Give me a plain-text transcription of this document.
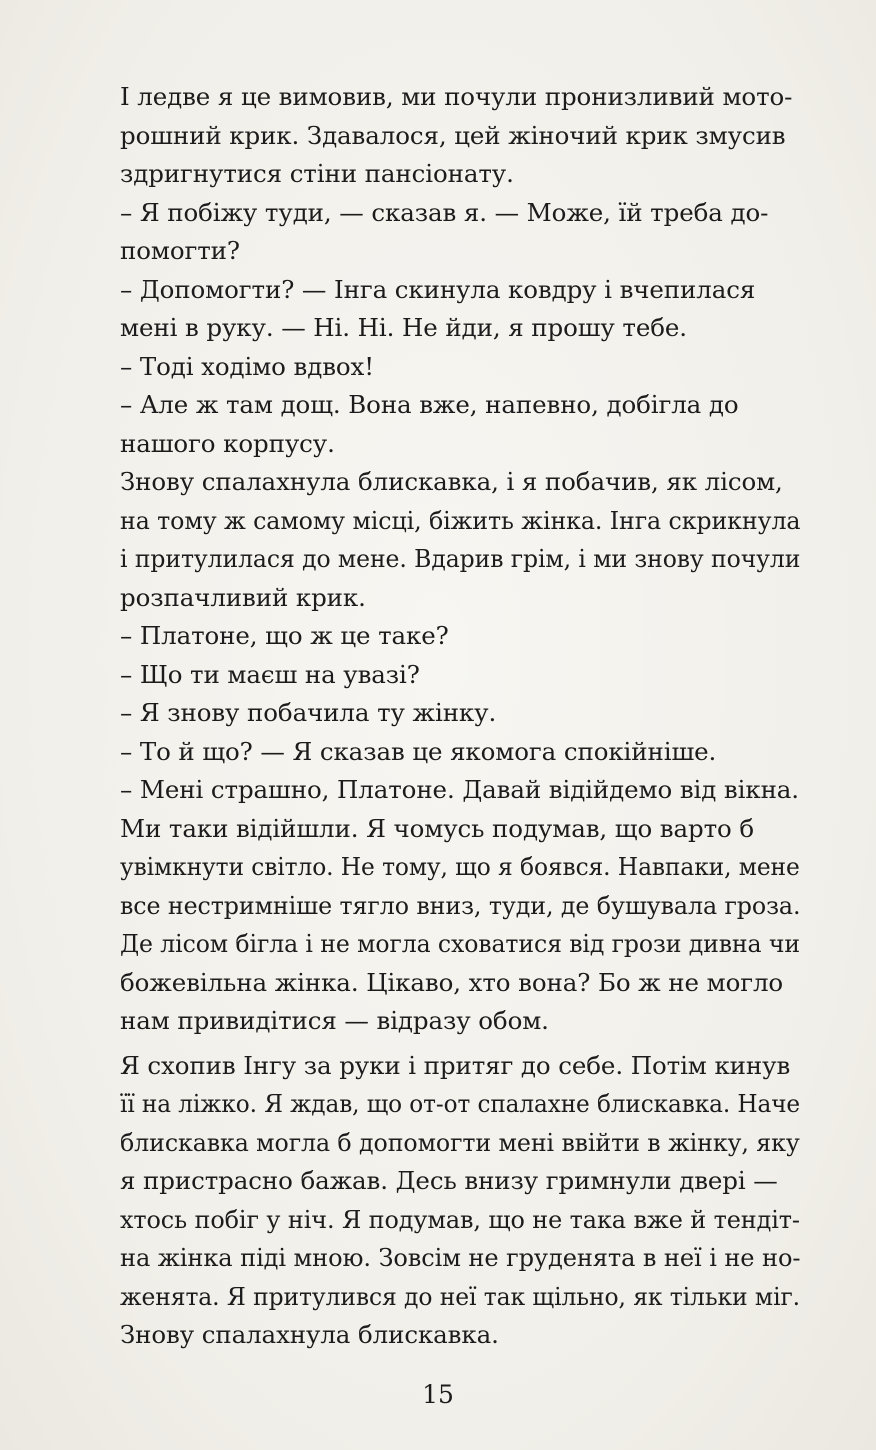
І ледве я це вимовив, ми почули пронизливий мото-
рошний крик. Здавалося, цей жіночий крик змусив
здригнутися стіни пансіонату.
– Я побіжу туди, — сказав я. — Може, їй треба до-
помогти?
– Допомогти? — Інга скинула ковдру і вчепилася
мені в руку. — Ні. Ні. Не йди, я прошу тебе.
– Тоді ходімо вдвох!
– Але ж там дощ. Вона вже, напевно, добігла до
нашого корпусу.
Знову спалахнула блискавка, і я побачив, як лісом,
на тому ж самому місці, біжить жінка. Інга скрикнула
і притулилася до мене. Вдарив грім, і ми знову почули
розпачливий крик.
– Платоне, що ж це таке?
– Що ти маєш на увазі?
– Я знову побачила ту жінку.
– То й що? — Я сказав це якомога спокійніше.
– Мені страшно, Платоне. Давай відійдемо від вікна.
Ми таки відійшли. Я чомусь подумав, що варто б
увімкнути світло. Не тому, що я боявся. Навпаки, мене
все нестримніше тягло вниз, туди, де бушувала гроза.
Де лісом бігла і не могла сховатися від грози дивна чи
божевільна жінка. Цікаво, хто вона? Бо ж не могло
нам привидітися — відразу обом.
Я схопив Інгу за руки і притяг до себе. Потім кинув
її на ліжко. Я ждав, що от-от спалахне блискавка. Наче
блискавка могла б допомогти мені ввійти в жінку, яку
я пристрасно бажав. Десь внизу гримнули двері —
хтось побіг у ніч. Я подумав, що не така вже й тендіт-
на жінка піді мною. Зовсім не груденята в неї і не но-
женята. Я притулився до неї так щільно, як тільки міг.
Знову спалахнула блискавка.
15
